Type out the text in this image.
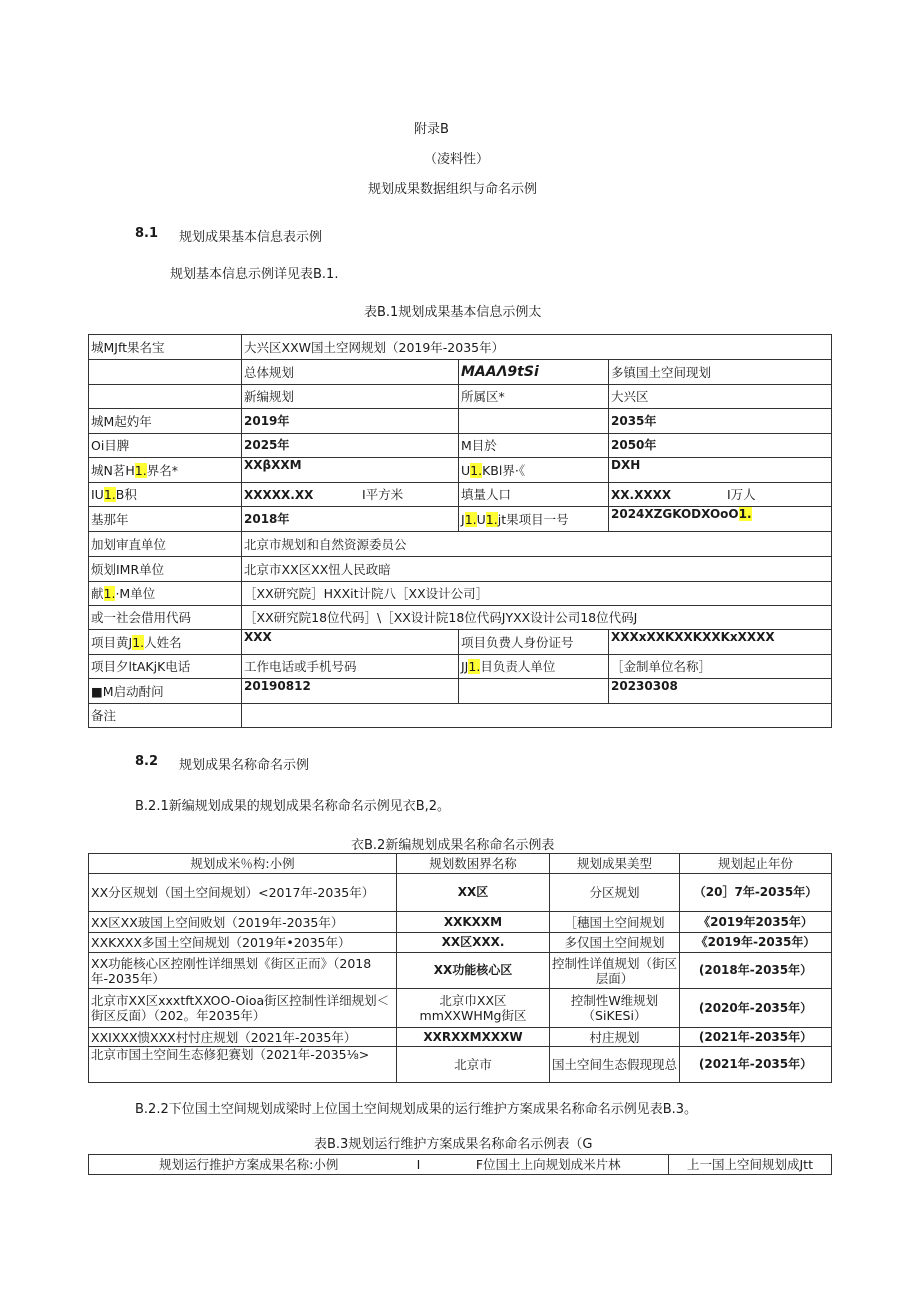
附录B
（凌料性）
规划成果数据组织与命名示例
8.1 规划成果基本信息表示例
规划基本信息示例详见表B.1.
表B.1规划成果基本信息示例太
城MJft果名宝	大兴区XXW国土空网规划（2019年-2035年）		
	总体规划	MAAΛ9tSi	多镇国土空间现划
	新编规划	所属区*	大兴区
城M起妁年	2019年		2035年
Oi目脾	2025年	M目於	2050年
城N茗H1.界名*	XXβXXM	U1.KBl界·《	DXH
IU1.B积	XXXXX.XX I平方米	填量人口	XX.XXXX I万人
基那年	2018年	J1.U1.jt果项目一号	2024XZGKODXOoO1.
加划审直单位	北京市规划和自然资源委员公		
烦划IMR单位	北京市XX区XX忸人民政暗		
献1.·M单位	［XX研究院］HXXit计院八［XX设计公司］		
或一社会借用代码	［XX研究院18位代码］\［XX设计院18位代码JYXX设计公司18位代码J		
项目黄J1.人姓名	XXX	项目负费人身份证号	XXXxXXKXXKXXKxXXXX
项目夕ltAKjK电话	工作电话或手机号码	JJ1.目负责人单位	［金制单位名称］
■M启动酎问	20190812		20230308
备注			
8.2 规划成果名称命名示例
B.2.1新编规划成果的规划成果名称命名示例见衣B,2。
衣B.2新编规划成果名称命名示例表
规划成米％构:小例	规划数困界名称	规划成果美型	规划起止年份
XX分区规划（国土空间规划）<2017年-2035年）	XX区	分区规划	（20］7年-2035年）
XX区XX玻国上空间败划（2019年-2035年）	XXKXXM	［穗国土空间规划	《2019年2035年）
XXKXXX多国土空间规划（2019年•2035年）	XX区XXX.	多仅国土空间规划	《2019年-2035年）
XX功能核心区控刚性详细黑划《街区正而》（2018年-2035年）	XX功能核心区	控制性详值规划（街区层面）	(2018年-2035年）
北京市XX区xxxtftXXOO-Oioa街区控制性详细规划＜街区反面）（202。年2035年）	北京巾XX区mmXXWHMg街区	控制性W维规划（SiKESi）	(2020年-2035年）
XXIXXX愦XXX村忖庄规划（2021年-2035年）	XXRXXMXXXW	村庄规划	(2021年-2035年）
北京市国土空间生态修犯赛划（2021年-2035⅛>	北京市	国土空间生态假现现总	(2021年-2035年）
B.2.2下位国土空间规划成梁时上位国土空间规划成果的运行维护方案成果名称命名示例见表B.3。
表B.3规划运行维护方案成果名称命名示例表（G
规划运行推护方案成果名称:小例	I	F位国土上向规划成米片林	上一国上空间规划成Jtt
